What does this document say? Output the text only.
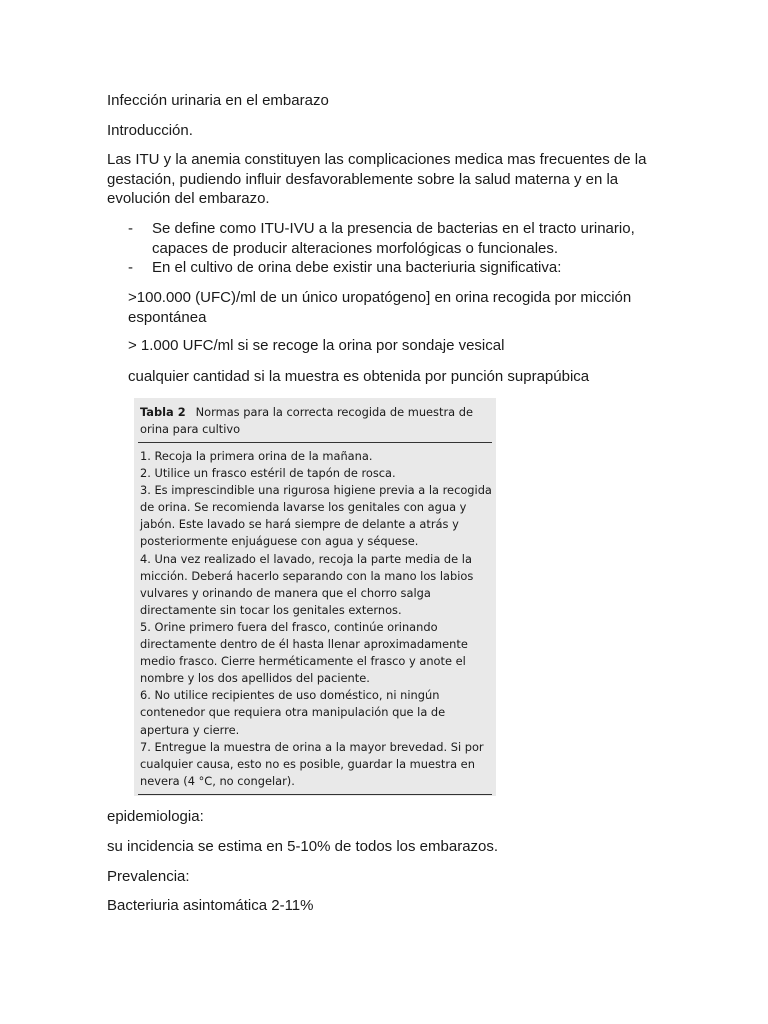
Infección urinaria en el embarazo
Introducción.
Las ITU y la anemia constituyen las complicaciones medica mas frecuentes de la gestación, pudiendo influir desfavorablemente sobre la salud materna y en la evolución del embarazo.
- Se define como ITU-IVU a la presencia de bacterias en el tracto urinario, capaces de producir alteraciones morfológicas o funcionales.
- En el cultivo de orina debe existir una bacteriuria significativa:
>100.000 (UFC)/ml de un único uropatógeno] en orina recogida por micción espontánea
> 1.000 UFC/ml si se recoge la orina por sondaje vesical
cualquier cantidad si la muestra es obtenida por punción suprapúbica
Tabla 2 Normas para la correcta recogida de muestra de orina para cultivo

1. Recoja la primera orina de la mañana.

2. Utilice un frasco estéril de tapón de rosca.

3. Es imprescindible una rigurosa higiene previa a la recogida de orina. Se recomienda lavarse los genitales con agua y jabón. Este lavado se hará siempre de delante a atrás y posteriormente enjuáguese con agua y séquese.

4. Una vez realizado el lavado, recoja la parte media de la micción. Deberá hacerlo separando con la mano los labios vulvares y orinando de manera que el chorro salga directamente sin tocar los genitales externos.

5. Orine primero fuera del frasco, continúe orinando directamente dentro de él hasta llenar aproximadamente medio frasco. Cierre herméticamente el frasco y anote el nombre y los dos apellidos del paciente.

6. No utilice recipientes de uso doméstico, ni ningún contenedor que requiera otra manipulación que la de apertura y cierre.

7. Entregue la muestra de orina a la mayor brevedad. Si por cualquier causa, esto no es posible, guardar la muestra en nevera (4 °C, no congelar).

epidemiologia:
su incidencia se estima en 5-10% de todos los embarazos.
Prevalencia:
Bacteriuria asintomática 2-11%
